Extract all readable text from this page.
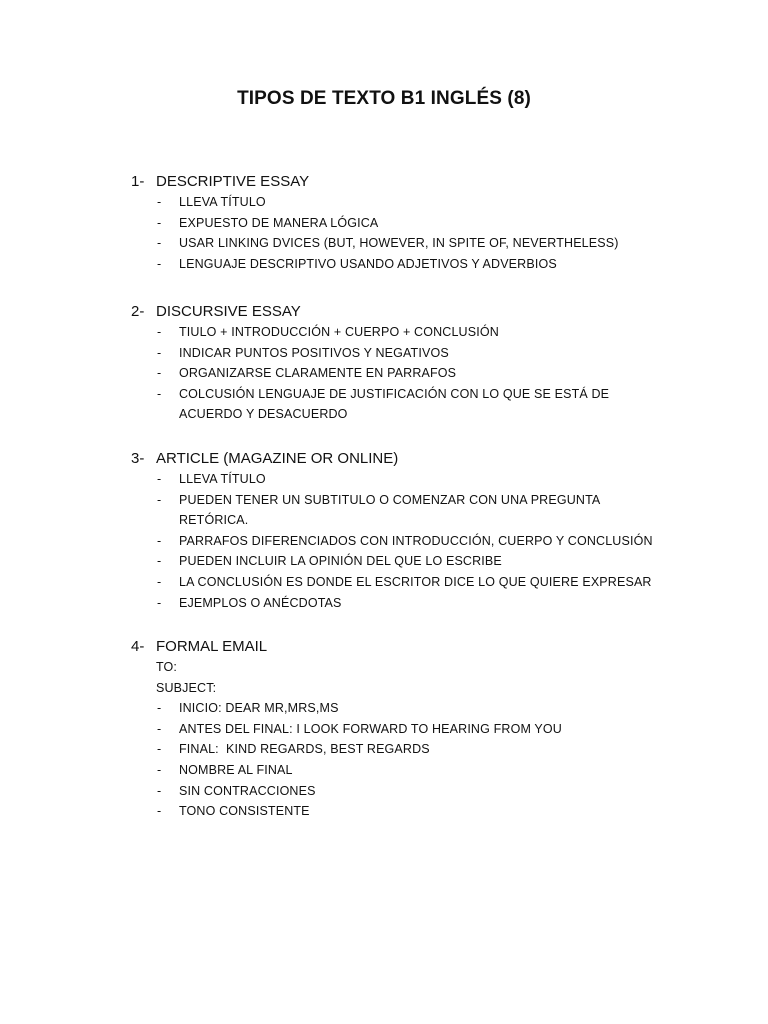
TIPOS DE TEXTO B1 INGLÉS (8)
1- DESCRIPTIVE ESSAY
- LLEVA TÍTULO
- EXPUESTO DE MANERA LÓGICA
- USAR LINKING DVICES (BUT, HOWEVER, IN SPITE OF, NEVERTHELESS)
- LENGUAJE DESCRIPTIVO USANDO ADJETIVOS Y ADVERBIOS
2- DISCURSIVE ESSAY
- TIULO + INTRODUCCIÓN + CUERPO + CONCLUSIÓN
- INDICAR PUNTOS POSITIVOS Y NEGATIVOS
- ORGANIZARSE CLARAMENTE EN PARRAFOS
- COLCUSIÓN LENGUAJE DE JUSTIFICACIÓN CON LO QUE SE ESTÁ DE ACUERDO Y DESACUERDO
3- ARTICLE (MAGAZINE OR ONLINE)
- LLEVA TÍTULO
- PUEDEN TENER UN SUBTITULO O COMENZAR CON UNA PREGUNTA RETÓRICA.
- PARRAFOS DIFERENCIADOS CON INTRODUCCIÓN, CUERPO Y CONCLUSIÓN
- PUEDEN INCLUIR LA OPINIÓN DEL QUE LO ESCRIBE
- LA CONCLUSIÓN ES DONDE EL ESCRITOR DICE LO QUE QUIERE EXPRESAR
- EJEMPLOS O ANÉCDOTAS
4- FORMAL EMAIL
TO:
SUBJECT:
- INICIO: DEAR MR,MRS,MS
- ANTES DEL FINAL: I LOOK FORWARD TO HEARING FROM YOU
- FINAL:  KIND REGARDS, BEST REGARDS
- NOMBRE AL FINAL
- SIN CONTRACCIONES
- TONO CONSISTENTE
